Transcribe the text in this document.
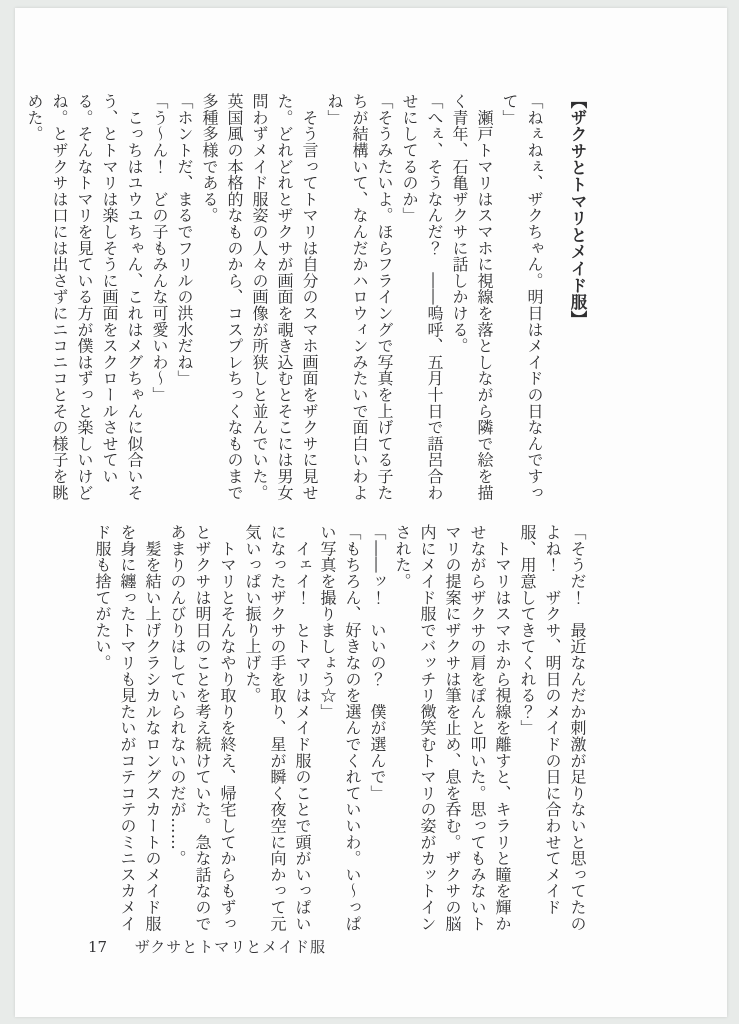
【ザクサとトマリとメイド服】

「ねぇねぇ、ザクちゃん。明日はメイドの日なんですって」

　瀬戸トマリはスマホに視線を落としながら隣で絵を描く青年、石亀ザクサに話しかける。

「へぇ、そうなんだ？　――嗚呼、五月十日で語呂合わせにしてるのか」

「そうみたいよ。ほらフライングで写真を上げてる子たちが結構いて、なんだかハロウィンみたいで面白いわよね」

　そう言ってトマリは自分のスマホ画面をザクサに見せた。どれどれとザクサが画面を覗き込むとそこには男女問わずメイド服姿の人々の画像が所狭しと並んでいた。英国風の本格的なものから、コスプレちっくなものまで多種多様である。

「ホントだ、まるでフリルの洪水だね」

「う〜ん！　どの子もみんな可愛いわ〜」

　こっちはユウユちゃん、これはメグちゃんに似合いそう、とトマリは楽しそうに画面をスクロールさせている。そんなトマリを見ている方が僕はずっと楽しいけどね。とザクサは口には出さずにニコニコとその様子を眺めた。

「そうだ！　最近なんだか刺激が足りないと思ってたのよね！　ザクサ、明日のメイドの日に合わせてメイド服、用意してきてくれる？」

　トマリはスマホから視線を離すと、キラリと瞳を輝かせながらザクサの肩をぽんと叩いた。思ってもみないトマリの提案にザクサは筆を止め、息を呑む。ザクサの脳内にメイド服でバッチリ微笑むトマリの姿がカットインされた。

「――ッ！　いいの？　僕が選んで」

「もちろん、好きなのを選んでくれていいわ。い〜っぱい写真を撮りましょう☆」

　イェイ！　とトマリはメイド服のことで頭がいっぱいになったザクサの手を取り、星が瞬く夜空に向かって元気いっぱい振り上げた。

　トマリとそんなやり取りを終え、帰宅してからもずっとザクサは明日のことを考え続けていた。急な話なのであまりのんびりはしていられないのだが……。

　髪を結い上げクラシカルなロングスカートのメイド服を身に纏ったトマリも見たいがコテコテのミニスカメイド服も捨てがたい。

17 ザクサとトマリとメイド服
